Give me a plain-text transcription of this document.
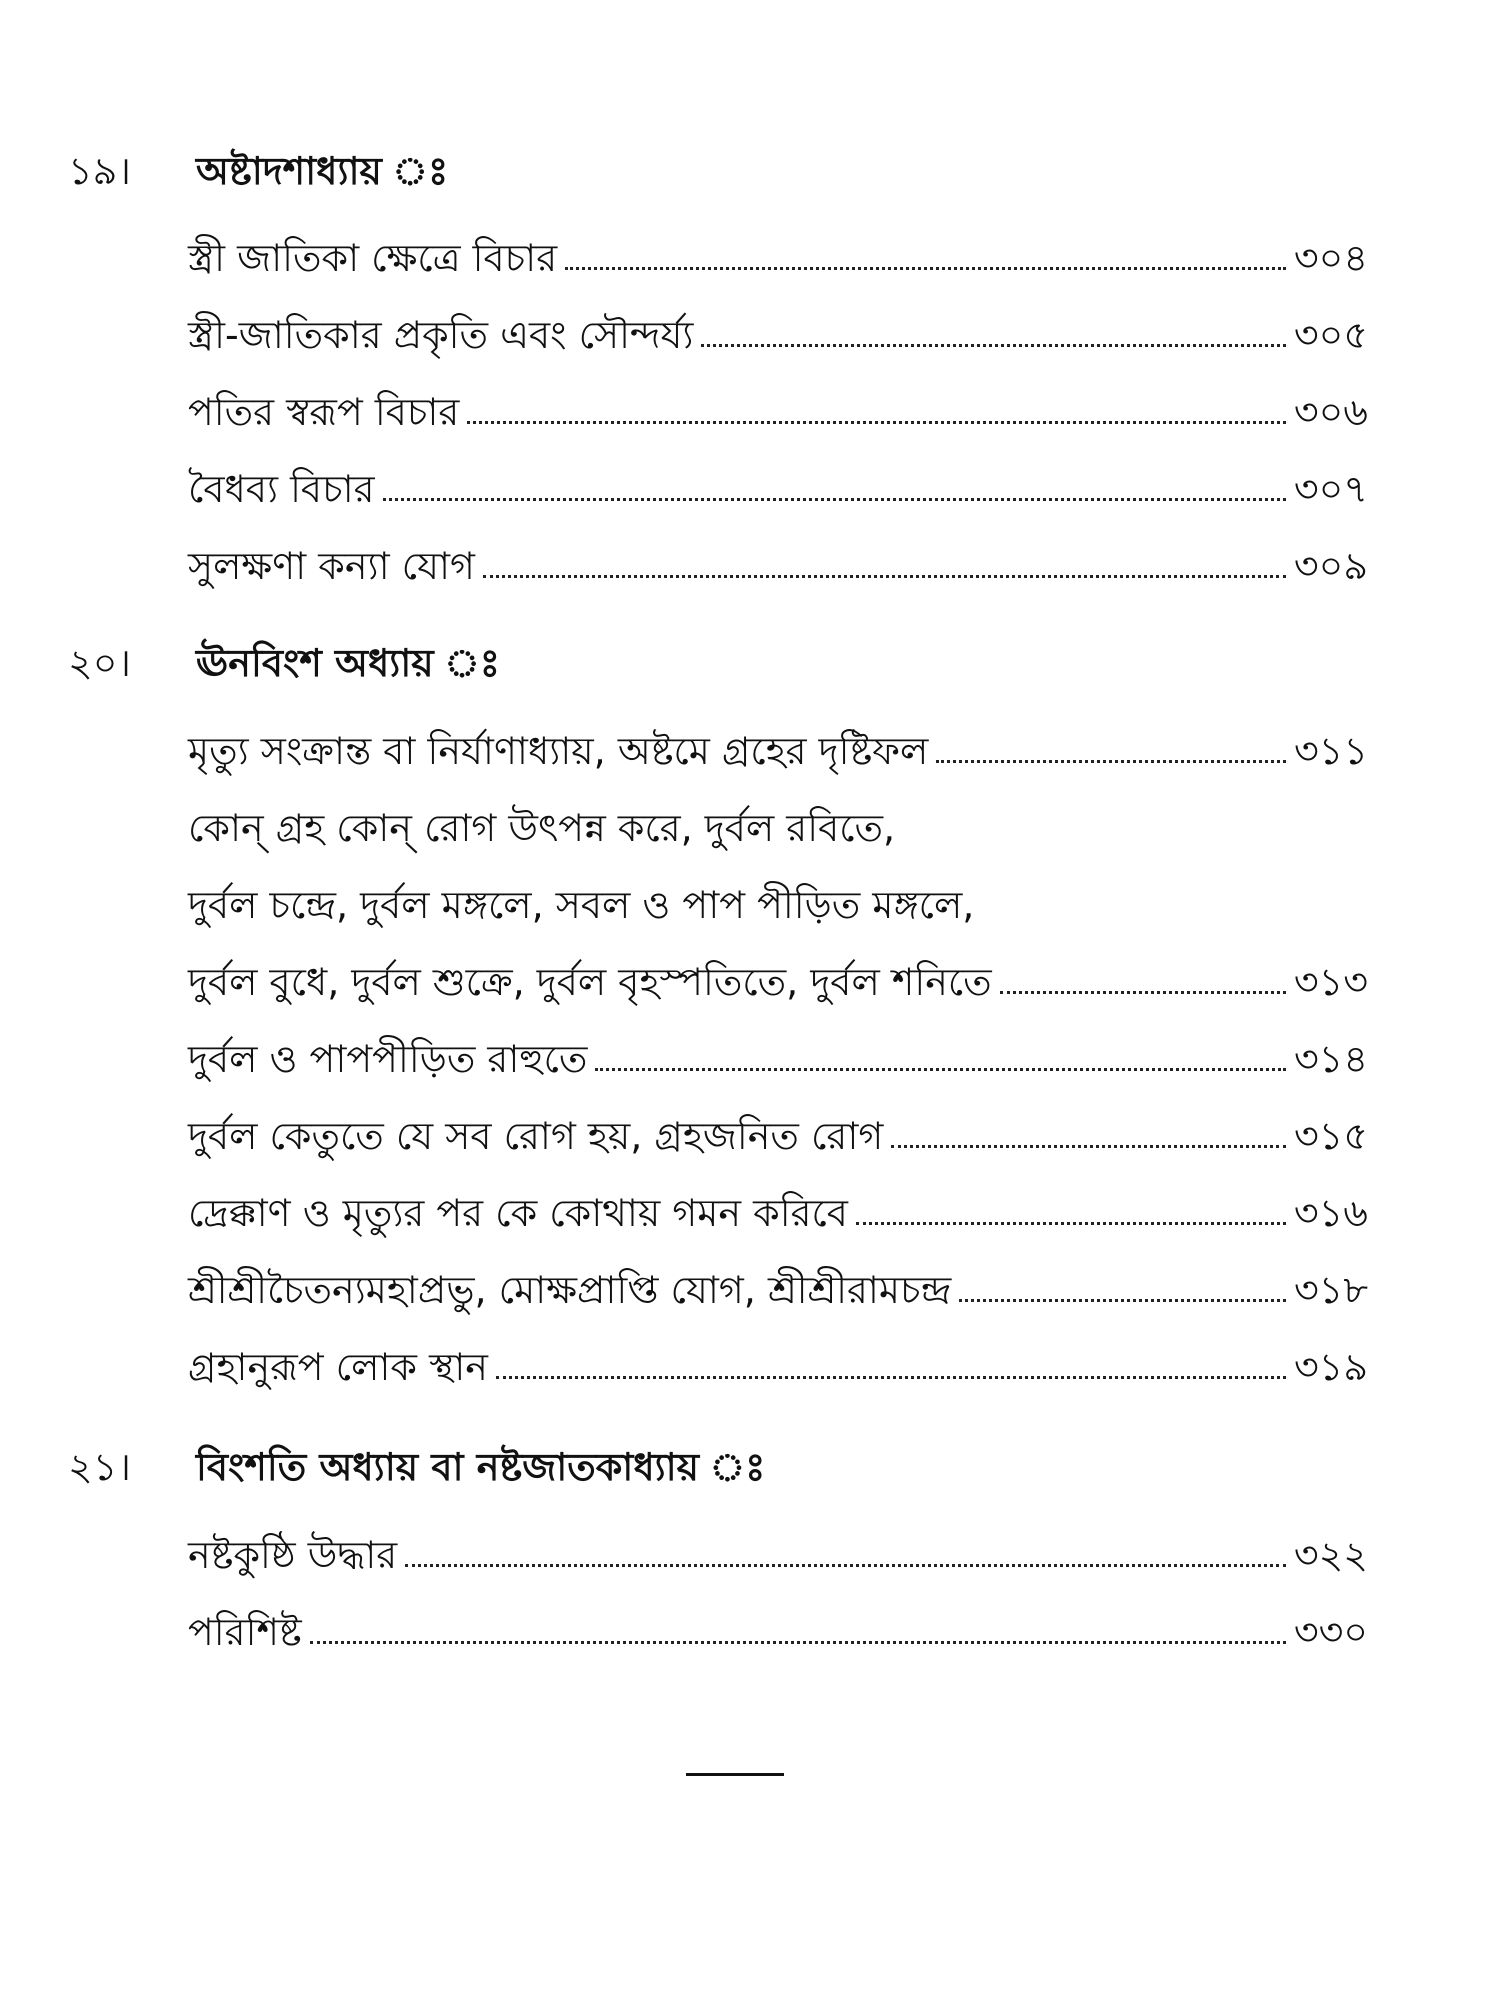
১৯।	অষ্টাদশাধ্যায় ঃ
স্ত্রী জাতিকা ক্ষেত্রে বিচার	৩০৪
স্ত্রী-জাতিকার প্রকৃতি এবং সৌন্দর্য্য	৩০৫
পতির স্বরূপ বিচার	৩০৬
বৈধব্য বিচার	৩০৭
সুলক্ষণা কন্যা যোগ	৩০৯
২০।	ঊনবিংশ অধ্যায় ঃ
মৃত্যু সংক্রান্ত বা নির্যাণাধ্যায়, অষ্টমে গ্রহের দৃষ্টিফল	৩১১
কোন্ গ্রহ কোন্ রোগ উৎপন্ন করে, দুর্বল রবিতে,
দুর্বল চন্দ্রে, দুর্বল মঙ্গলে, সবল ও পাপ পীড়িত মঙ্গলে,
দুর্বল বুধে, দুর্বল শুক্রে, দুর্বল বৃহস্পতিতে, দুর্বল শনিতে	৩১৩
দুর্বল ও পাপপীড়িত রাহুতে	৩১৪
দুর্বল কেতুতে যে সব রোগ হয়, গ্রহজনিত রোগ	৩১৫
দ্রেক্কাণ ও মৃত্যুর পর কে কোথায় গমন করিবে	৩১৬
শ্রীশ্রীচৈতন্যমহাপ্রভু, মোক্ষপ্রাপ্তি যোগ, শ্রীশ্রীরামচন্দ্র	৩১৮
গ্রহানুরূপ লোক স্থান	৩১৯
২১।	বিংশতি অধ্যায় বা নষ্টজাতকাধ্যায় ঃ
নষ্টকুষ্ঠি উদ্ধার	৩২২
পরিশিষ্ট	৩৩০
